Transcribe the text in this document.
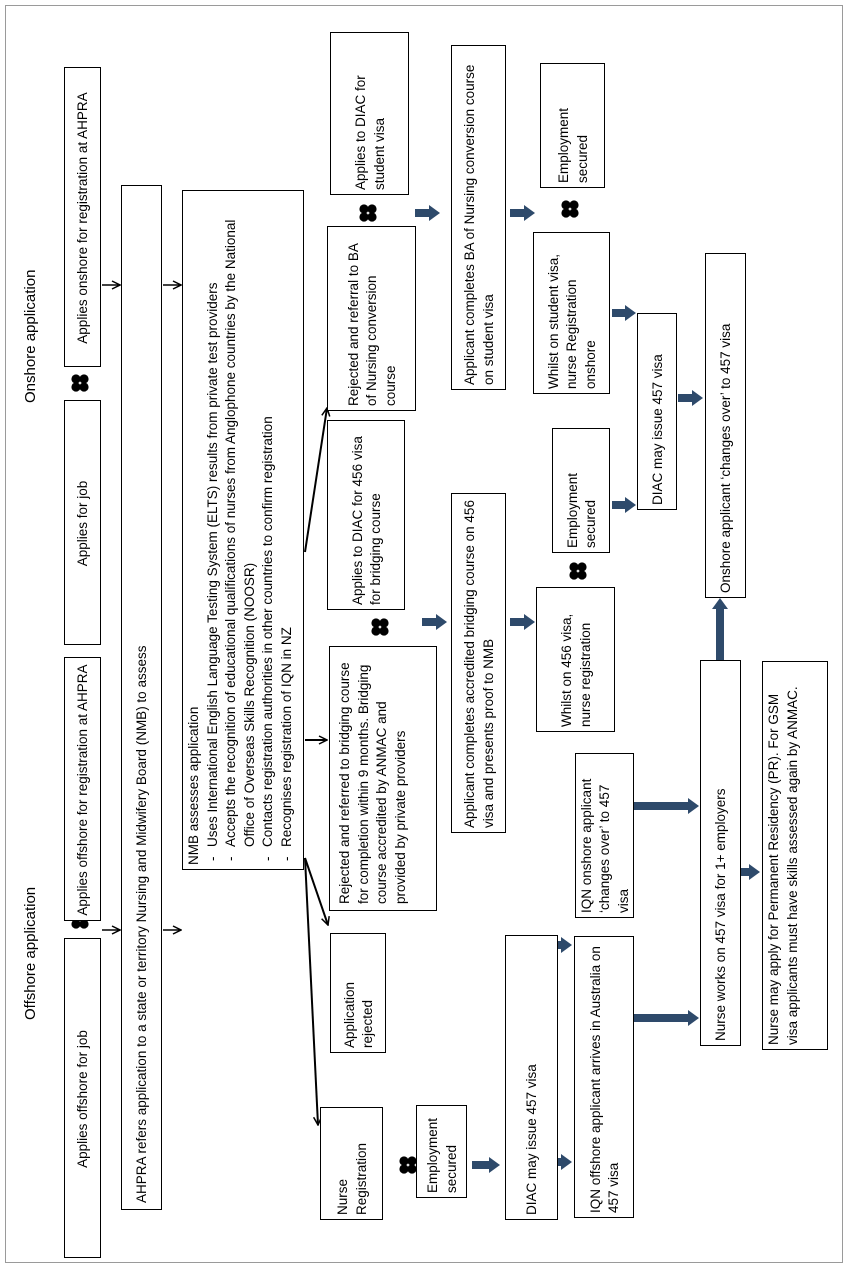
Offshore application
Onshore application
Applies offshore for job
Applies offshore for registration at AHPRA
Applies for job
Applies onshore for registration at AHPRA
AHPRA refers application to a state or territory Nursing and Midwifery Board (NMB) to assess	NMB assesses application - Uses International English Language Testing System (ELTS) results from private test providers - Accepts the recognition of educational qualifications of nurses from Anglophone countries by the National Office of Overseas Skills Recognition (NOOSR) - Contacts registration authorities in other countries to confirm registration - Recognises registration of IQN in NZ
Nurse Registration
Application rejected
Rejected and referred to bridging course for completion within 9 months. Bridging course accredited by ANMAC and provided by private providers
Applies to DIAC for 456 visa for bridging course
Rejected and referral to BA of Nursing conversion course
Applies to DIAC for student visa
Employment secured
Applicant completes accredited bridging course on 456 visa and presents proof to NMB
Applicant completes BA of Nursing conversion course on student visa
DIAC may issue 457 visa
Whilst on 456 visa, nurse registration
Employment secured
Whilst on student visa, nurse Registration onshore
Employment secured
IQN onshore applicant ‘changes over’ to 457 visa
IQN offshore applicant arrives in Australia on 457 visa
DIAC may issue 457 visa	Onshore applicant ‘changes over’ to 457 visa
Nurse works on 457 visa for 1+ employers	Nurse may apply for Permanent Residency (PR). For GSM visa applicants must have skills assessed again by ANMAC.
